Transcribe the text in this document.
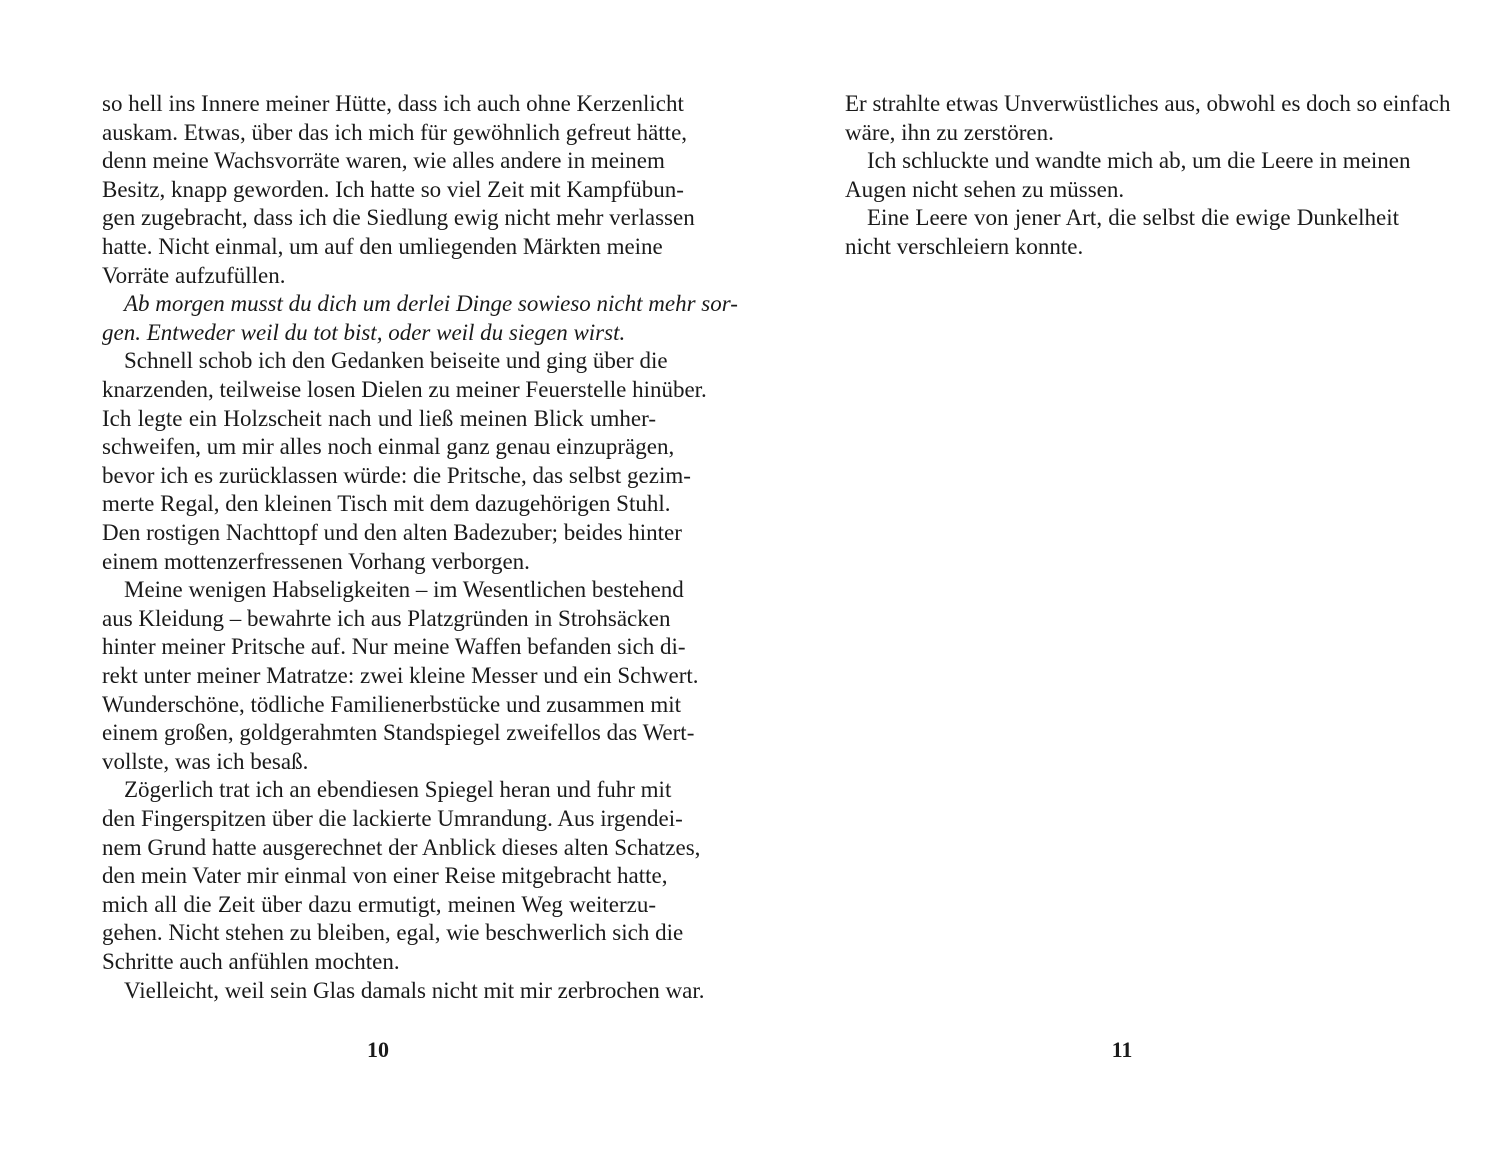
so hell ins Innere meiner Hütte, dass ich auch ohne Kerzenlicht
auskam. Etwas, über das ich mich für gewöhnlich gefreut hätte,
denn meine Wachsvorräte waren, wie alles andere in meinem
Besitz, knapp geworden. Ich hatte so viel Zeit mit Kampfübun-
gen zugebracht, dass ich die Siedlung ewig nicht mehr verlassen
hatte. Nicht einmal, um auf den umliegenden Märkten meine
Vorräte aufzufüllen.
Ab morgen musst du dich um derlei Dinge sowieso nicht mehr sor-
gen. Entweder weil du tot bist, oder weil du siegen wirst.
Schnell schob ich den Gedanken beiseite und ging über die
knarzenden, teilweise losen Dielen zu meiner Feuerstelle hinüber.
Ich legte ein Holzscheit nach und ließ meinen Blick umher-
schweifen, um mir alles noch einmal ganz genau einzuprägen,
bevor ich es zurücklassen würde: die Pritsche, das selbst gezim-
merte Regal, den kleinen Tisch mit dem dazugehörigen Stuhl.
Den rostigen Nachttopf und den alten Badezuber; beides hinter
einem mottenzerfressenen Vorhang verborgen.
Meine wenigen Habseligkeiten – im Wesentlichen bestehend
aus Kleidung – bewahrte ich aus Platzgründen in Strohsäcken
hinter meiner Pritsche auf. Nur meine Waffen befanden sich di-
rekt unter meiner Matratze: zwei kleine Messer und ein Schwert.
Wunderschöne, tödliche Familienerbstücke und zusammen mit
einem großen, goldgerahmten Standspiegel zweifellos das Wert-
vollste, was ich besaß.
Zögerlich trat ich an ebendiesen Spiegel heran und fuhr mit
den Fingerspitzen über die lackierte Umrandung. Aus irgendei-
nem Grund hatte ausgerechnet der Anblick dieses alten Schatzes,
den mein Vater mir einmal von einer Reise mitgebracht hatte,
mich all die Zeit über dazu ermutigt, meinen Weg weiterzu-
gehen. Nicht stehen zu bleiben, egal, wie beschwerlich sich die
Schritte auch anfühlen mochten.
Vielleicht, weil sein Glas damals nicht mit mir zerbrochen war.
10
Er strahlte etwas Unverwüstliches aus, obwohl es doch so einfach
wäre, ihn zu zerstören.
Ich schluckte und wandte mich ab, um die Leere in meinen
Augen nicht sehen zu müssen.
Eine Leere von jener Art, die selbst die ewige Dunkelheit
nicht verschleiern konnte.
11
